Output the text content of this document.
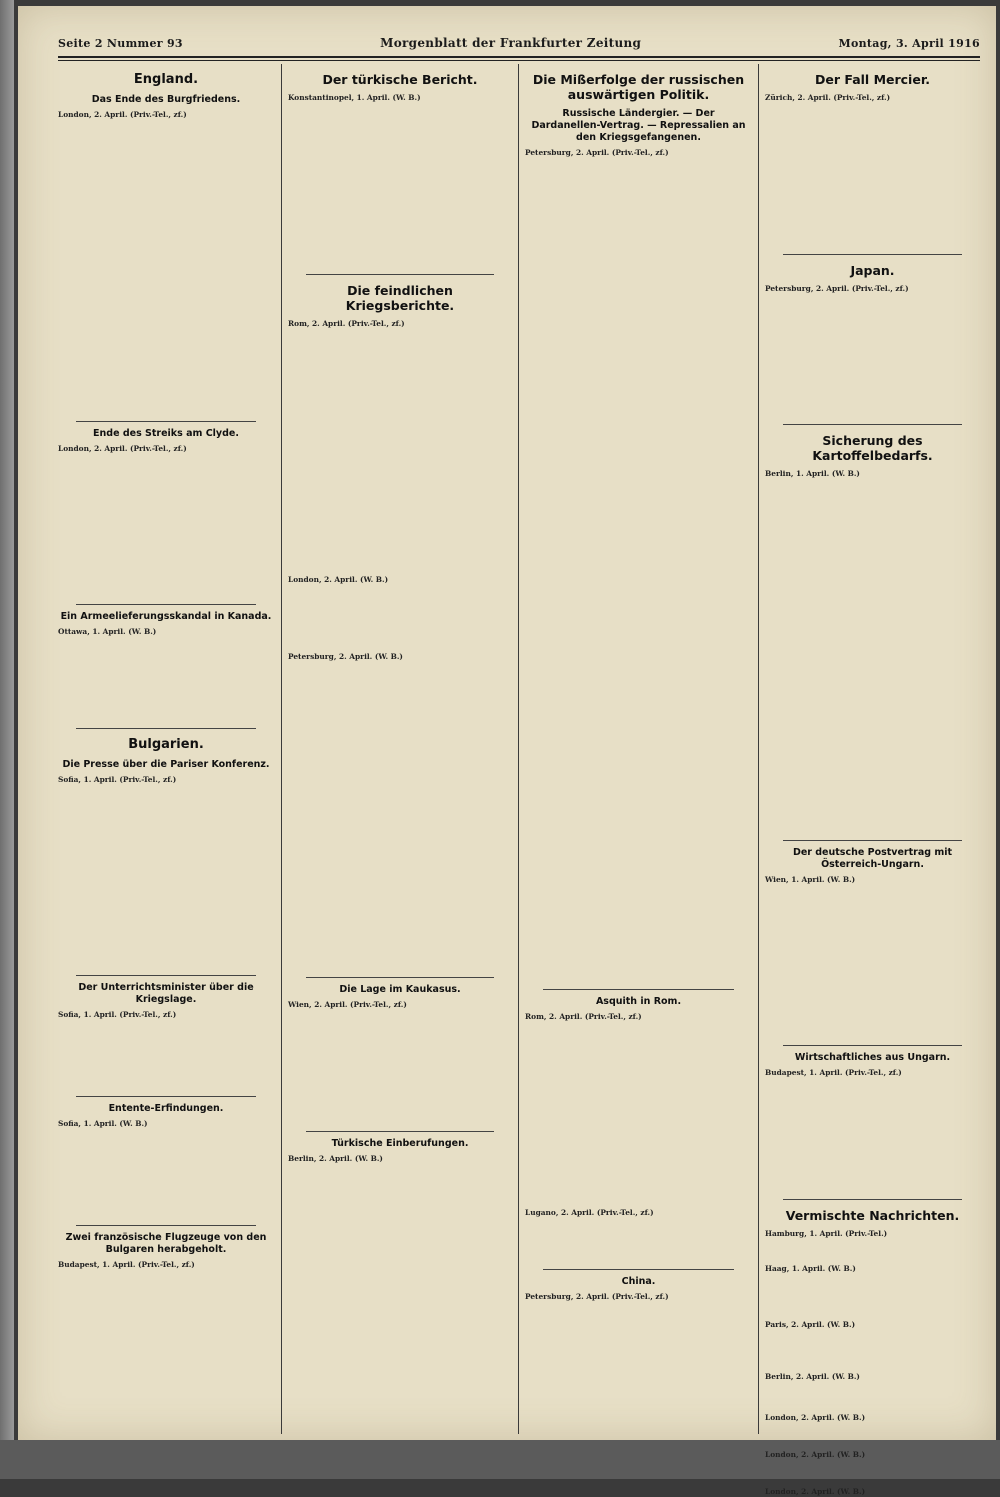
Seite 2 Nummer 93	Morgenblatt der Frankfurter Zeitung	Montag, 3. April 1916
England.
Das Ende des Burgfriedens.

London, 2. April. (Priv.-Tel., zf.)

Ende des Streiks am Clyde.

London, 2. April. (Priv.-Tel., zf.)

Ein Armeelieferungsskandal in Kanada.

Ottawa, 1. April. (W. B.)

Bulgarien.
Die Presse über die Pariser Konferenz.

Sofia, 1. April. (Priv.-Tel., zf.)

Der Unterrichtsminister über die Kriegslage.

Sofia, 1. April. (Priv.-Tel., zf.)

Entente-Erfindungen.

Sofia, 1. April. (W. B.)

Zwei französische Flugzeuge von den Bulgaren herabgeholt.

Budapest, 1. April. (Priv.-Tel., zf.)

Der türkische Bericht.

Konstantinopel, 1. April. (W. B.)

Die feindlichen Kriegsberichte.

Rom, 2. April. (Priv.-Tel., zf.)

London, 2. April. (W. B.)

Petersburg, 2. April. (W. B.)

Die Lage im Kaukasus.

Wien, 2. April. (Priv.-Tel., zf.)

Türkische Einberufungen.

Berlin, 2. April. (W. B.)

Die Mißerfolge der russischen auswärtigen Politik.
Russische Ländergier. — Der Dardanellen-Vertrag. — Repressalien an den Kriegsgefangenen.

Petersburg, 2. April. (Priv.-Tel., zf.)

Asquith in Rom.

Rom, 2. April. (Priv.-Tel., zf.)

Lugano, 2. April. (Priv.-Tel., zf.)

China.

Petersburg, 2. April. (Priv.-Tel., zf.)

Der Fall Mercier.

Zürich, 2. April. (Priv.-Tel., zf.)

Japan.

Petersburg, 2. April. (Priv.-Tel., zf.)

Sicherung des Kartoffelbedarfs.

Berlin, 1. April. (W. B.)

Der deutsche Postvertrag mit Österreich-Ungarn.

Wien, 1. April. (W. B.)

Wirtschaftliches aus Ungarn.

Budapest, 1. April. (Priv.-Tel., zf.)

Vermischte Nachrichten.

Hamburg, 1. April. (Priv.-Tel.)

Haag, 1. April. (W. B.)

Paris, 2. April. (W. B.)

Berlin, 2. April. (W. B.)

London, 2. April. (W. B.)

London, 2. April. (W. B.)

London, 2. April. (W. B.)
